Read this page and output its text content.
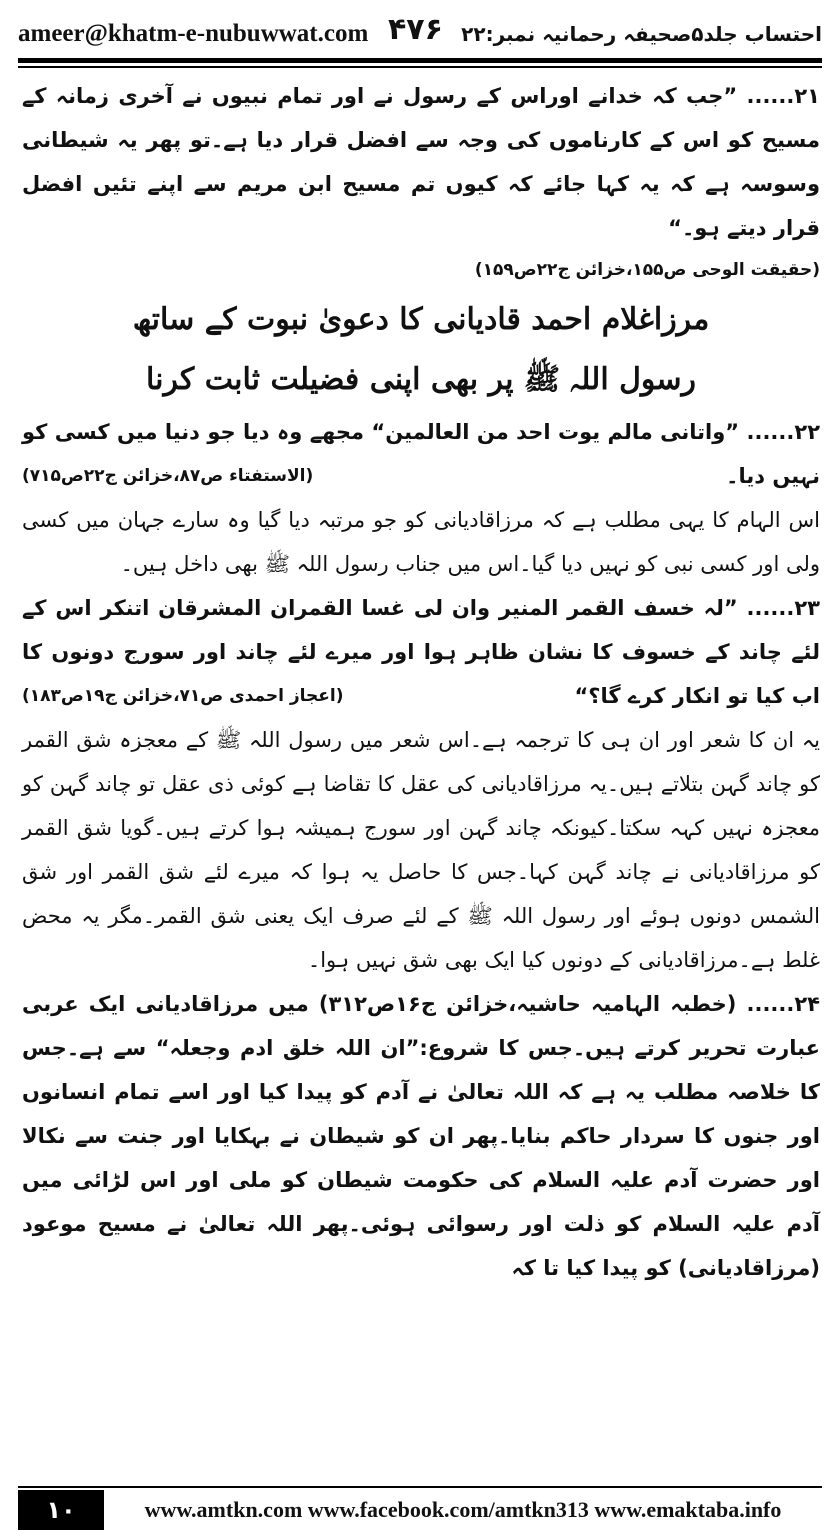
ameer@khatm-e-nubuwwat.com ۴۷۶ احتساب جلد۵صحیفہ رحمانیہ نمبر:۲۲

۲۱...... ”جب کہ خدانے اوراس کے رسول نے اور تمام نبیوں نے آخری زمانہ کے مسیح کو اس کے کارناموں کی وجہ سے افضل قرار دیا ہے۔تو پھر یہ شیطانی وسوسہ ہے کہ یہ کہا جائے کہ کیوں تم مسیح ابن مریم سے اپنے تئیں افضل قرار دیتے ہو۔“

(حقیقت الوحی ص۱۵۵،خزائن ج۲۲ص۱۵۹)

مرزاغلام احمد قادیانی کا دعویٰ نبوت کے ساتھ

رسول اللہ ﷺ پر بھی اپنی فضیلت ثابت کرنا

۲۲...... ”واتانی مالم یوت احد من العالمین“ مجھے وہ دیا جو دنیا میں کسی کو نہیں دیا۔
(الاستفتاء ص۸۷،خزائن ج۲۲ص۷۱۵)

اس الہام کا یہی مطلب ہے کہ مرزاقادیانی کو جو مرتبہ دیا گیا وہ سارے جہان میں کسی ولی اور کسی نبی کو نہیں دیا گیا۔اس میں جناب رسول اللہ ﷺ بھی داخل ہیں۔

۲۳...... ”لہ خسف القمر المنیر وان لی غسا القمران المشرقان اتنکر اس کے لئے چاند کے خسوف کا نشان ظاہر ہوا اور میرے لئے چاند اور سورج دونوں کا اب کیا تو انکار کرے گا؟“
(اعجاز احمدی ص۷۱،خزائن ج۱۹ص۱۸۳)

یہ ان کا شعر اور ان ہی کا ترجمہ ہے۔اس شعر میں رسول اللہ ﷺ کے معجزہ شق القمر کو چاند گہن بتلاتے ہیں۔یہ مرزاقادیانی کی عقل کا تقاضا ہے کوئی ذی عقل تو چاند گہن کو معجزہ نہیں کہہ سکتا۔کیونکہ چاند گہن اور سورج ہمیشہ ہوا کرتے ہیں۔گویا شق القمر کو مرزاقادیانی نے چاند گہن کہا۔جس کا حاصل یہ ہوا کہ میرے لئے شق القمر اور شق الشمس دونوں ہوئے اور رسول اللہ ﷺ کے لئے صرف ایک یعنی شق القمر۔مگر یہ محض غلط ہے۔مرزاقادیانی کے دونوں کیا ایک بھی شق نہیں ہوا۔

۲۴...... (خطبہ الہامیہ حاشیہ،خزائن ج۱۶ص۳۱۲) میں مرزاقادیانی ایک عربی عبارت تحریر کرتے ہیں۔جس کا شروع:”ان اللہ خلق ادم وجعلہ“ سے ہے۔جس کا خلاصہ مطلب یہ ہے کہ اللہ تعالیٰ نے آدم کو پیدا کیا اور اسے تمام انسانوں اور جنوں کا سردار حاکم بنایا۔پھر ان کو شیطان نے بہکایا اور جنت سے نکالا اور حضرت آدم علیہ السلام کی حکومت شیطان کو ملی اور اس لڑائی میں آدم علیہ السلام کو ذلت اور رسوائی ہوئی۔پھر اللہ تعالیٰ نے مسیح موعود (مرزاقادیانی) کو پیدا کیا تا کہ

۱۰	www.amtkn.com www.facebook.com/amtkn313 www.emaktaba.info
